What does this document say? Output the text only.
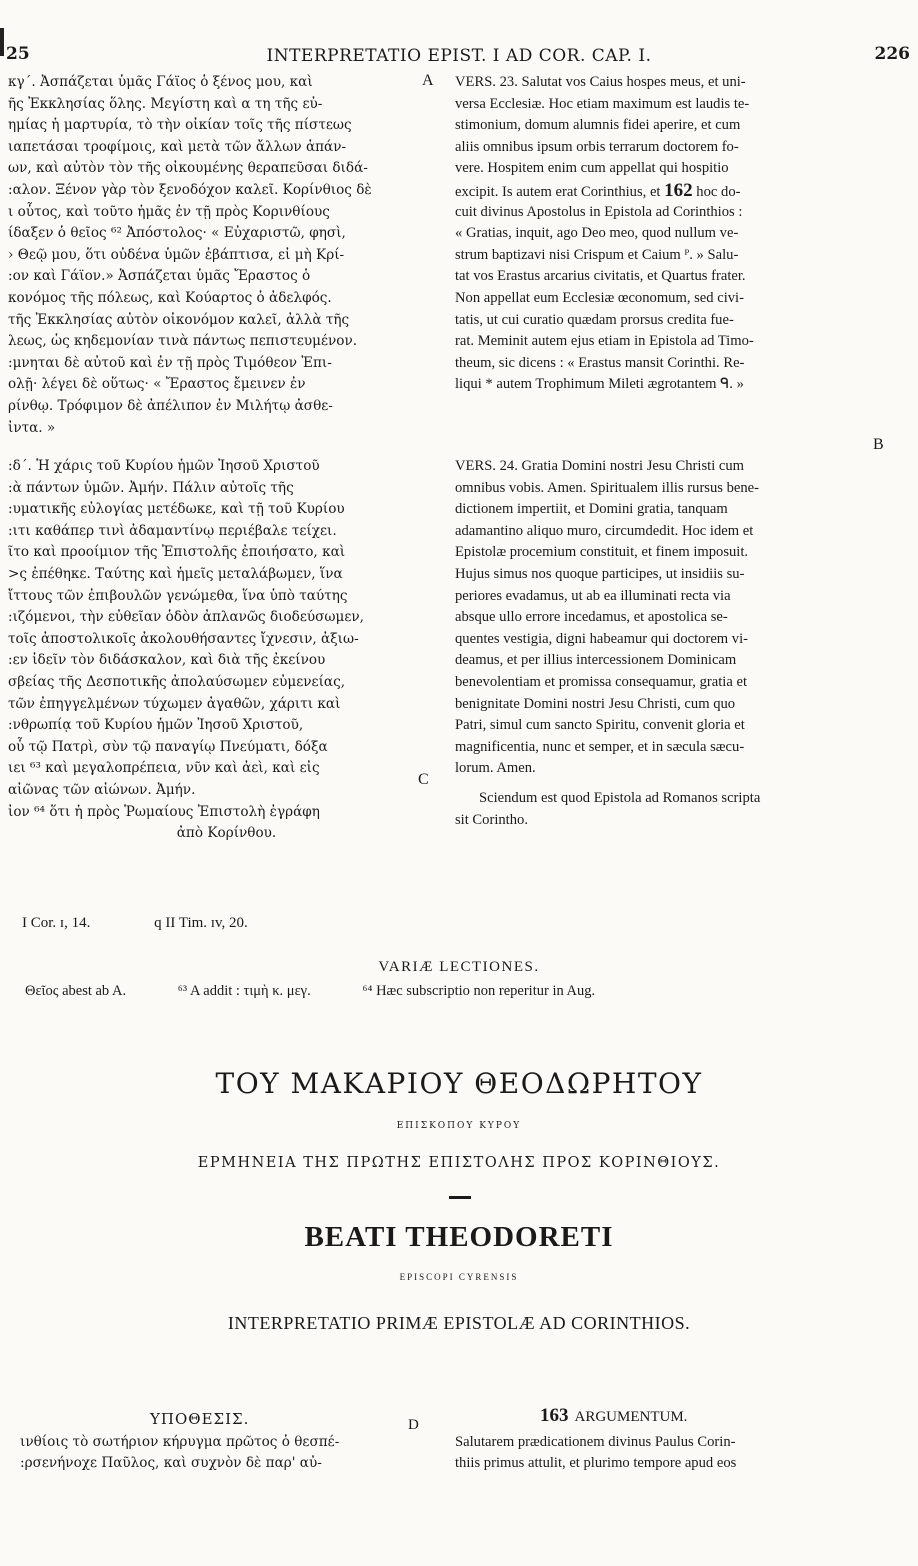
25	INTERPRETATIO EPIST. I AD COR. CAP. I.	226
A
B
C
D
κγ΄. Ἀσπάζεται ὑμᾶς Γάϊος ὁ ξένος μου, καὶ
ῆς Ἐκκλησίας ὅλης. Μεγίστη καὶ α τη τῆς εὐ-
ημίας ἡ μαρτυρία, τὸ τὴν οἰκίαν τοῖς τῆς πίστεως
ιαπετάσαι τροφίμοις, καὶ μετὰ τῶν ἄλλων ἁπάν-
ων, καὶ αὐτὸν τὸν τῆς οἰκουμένης θεραπεῦσαι διδά-
:αλον. Ξένον γὰρ τὸν ξενοδόχον καλεῖ. Κορίνθιος δὲ
ι οὗτος, καὶ τοῦτο ἡμᾶς ἐν τῇ πρὸς Κορινθίους
ίδαξεν ὁ θεῖος ⁶² Ἀπόστολος· « Εὐχαριστῶ, φησὶ,
› Θεῷ μου, ὅτι οὐδένα ὑμῶν ἐβάπτισα, εἰ μὴ Κρί-
:ον καὶ Γάϊον.» Ἀσπάζεται ὑμᾶς Ἔραστος ὁ
κονόμος τῆς πόλεως, καὶ Κούαρτος ὁ ἀδελφός.
τῆς Ἐκκλησίας αὐτὸν οἰκονόμον καλεῖ, ἀλλὰ τῆς
λεως, ὡς κηδεμονίαν τινὰ πάντως πεπιστευμένον.
:μνηται δὲ αὐτοῦ καὶ ἐν τῇ πρὸς Τιμόθεον Ἐπι-
ολῇ· λέγει δὲ οὕτως· « Ἔραστος ἔμεινεν ἐν
ρίνθῳ. Τρόφιμον δὲ ἀπέλιπον ἐν Μιλήτῳ ἀσθε-
ἰντα. »
:δ΄. Ἡ χάρις τοῦ Κυρίου ἡμῶν Ἰησοῦ Χριστοῦ
:ὰ πάντων ὑμῶν. Ἀμήν. Πάλιν αὐτοῖς τῆς
:υματικῆς εὐλογίας μετέδωκε, καὶ τῇ τοῦ Κυρίου
:ιτι καθάπερ τινὶ ἀδαμαντίνῳ περιέβαλε τείχει.
ῖτο καὶ προοίμιον τῆς Ἐπιστολῆς ἐποιήσατο, καὶ
>ς ἐπέθηκε. Ταύτης καὶ ἡμεῖς μεταλάβωμεν, ἵνα
ἴττους τῶν ἐπιβουλῶν γενώμεθα, ἵνα ὑπὸ ταύτης
:ιζόμενοι, τὴν εὐθεῖαν ὁδὸν ἀπλανῶς διοδεύσωμεν,
τοῖς ἀποστολικοῖς ἀκολουθήσαντες ἴχνεσιν, ἀξιω-
:εν ἰδεῖν τὸν διδάσκαλον, καὶ διὰ τῆς ἐκείνου
σβείας τῆς Δεσποτικῆς ἀπολαύσωμεν εὐμενείας,
τῶν ἐπηγγελμένων τύχωμεν ἀγαθῶν, χάριτι καὶ
:νθρωπίᾳ τοῦ Κυρίου ἡμῶν Ἰησοῦ Χριστοῦ,
οὗ τῷ Πατρὶ, σὺν τῷ παναγίῳ Πνεύματι, δόξα
ιει ⁶³ καὶ μεγαλοπρέπεια, νῦν καὶ ἀεὶ, καὶ εἰς
αἰῶνας τῶν αἰώνων. Ἀμήν.
ἰον ⁶⁴ ὅτι ἡ πρὸς Ῥωμαίους Ἐπιστολὴ ἐγράφη
ἀπὸ Κορίνθου.
VERS. 23. Salutat vos Caius hospes meus, et uni-
versa Ecclesiæ. Hoc etiam maximum est laudis te-
stimonium, domum alumnis fidei aperire, et cum
aliis omnibus ipsum orbis terrarum doctorem fo-
vere. Hospitem enim cum appellat qui hospitio
excipit. Is autem erat Corinthius, et 162 hoc do-
cuit divinus Apostolus in Epistola ad Corinthios :
« Gratias, inquit, ago Deo meo, quod nullum ve-
strum baptizavi nisi Crispum et Caium ᴾ. » Salu-
tat vos Erastus arcarius civitatis, et Quartus frater.
Non appellat eum Ecclesiæ œconomum, sed civi-
tatis, ut cui curatio quædam prorsus credita fue-
rat. Meminit autem ejus etiam in Epistola ad Timo-
theum, sic dicens : « Erastus mansit Corinthi. Re-
liqui * autem Trophimum Mileti ægrotantem ᑫ. »
VERS. 24. Gratia Domini nostri Jesu Christi cum
omnibus vobis. Amen. Spiritualem illis rursus bene-
dictionem impertiit, et Domini gratia, tanquam
adamantino aliquo muro, circumdedit. Hoc idem et
Epistolæ procemium constituit, et finem imposuit.
Hujus simus nos quoque participes, ut insidiis su-
periores evadamus, ut ab ea illuminati recta via
absque ullo errore incedamus, et apostolica se-
quentes vestigia, digni habeamur qui doctorem vi-
deamus, et per illius intercessionem Dominicam
benevolentiam et promissa consequamur, gratia et
benignitate Domini nostri Jesu Christi, cum quo
Patri, simul cum sancto Spiritu, convenit gloria et
magnificentia, nunc et semper, et in sæcula sæcu-
lorum. Amen.
Sciendum est quod Epistola ad Romanos scripta
sit Corintho.
I Cor. ɪ, 14.	q II Tim. ɪv, 20.
VARIÆ LECTIONES.
Θεῖος abest ab A.	⁶³ A addit : τιμὴ κ. μεγ.	⁶⁴ Hæc subscriptio non reperitur in Aug.
ΤΟΥ ΜΑΚΑΡΙΟΥ ΘΕΟΔΩΡΗΤΟΥ
ΕΠΙΣΚΟΠΟΥ ΚΥΡΟΥ
ΕΡΜΗΝΕΙΑ ΤΗΣ ΠΡΩΤΗΣ ΕΠΙΣΤΟΛΗΣ ΠΡΟΣ ΚΟΡΙΝΘΙΟΥΣ.
BEATI THEODORETI
EPISCOPI CYRENSIS
INTERPRETATIO PRIMÆ EPISTOLÆ AD CORINTHIOS.
ΥΠΟΘΕΣΙΣ.	163 ARGUMENTUM.
ινθίοις τὸ σωτήριον κήρυγμα πρῶτος ὁ θεσπέ-
:ρσενήνοχε Παῦλος, καὶ συχνὸν δὲ παρ' αὐ-
Salutarem prædicationem divinus Paulus Corin-
thiis primus attulit, et plurimo tempore apud eos
